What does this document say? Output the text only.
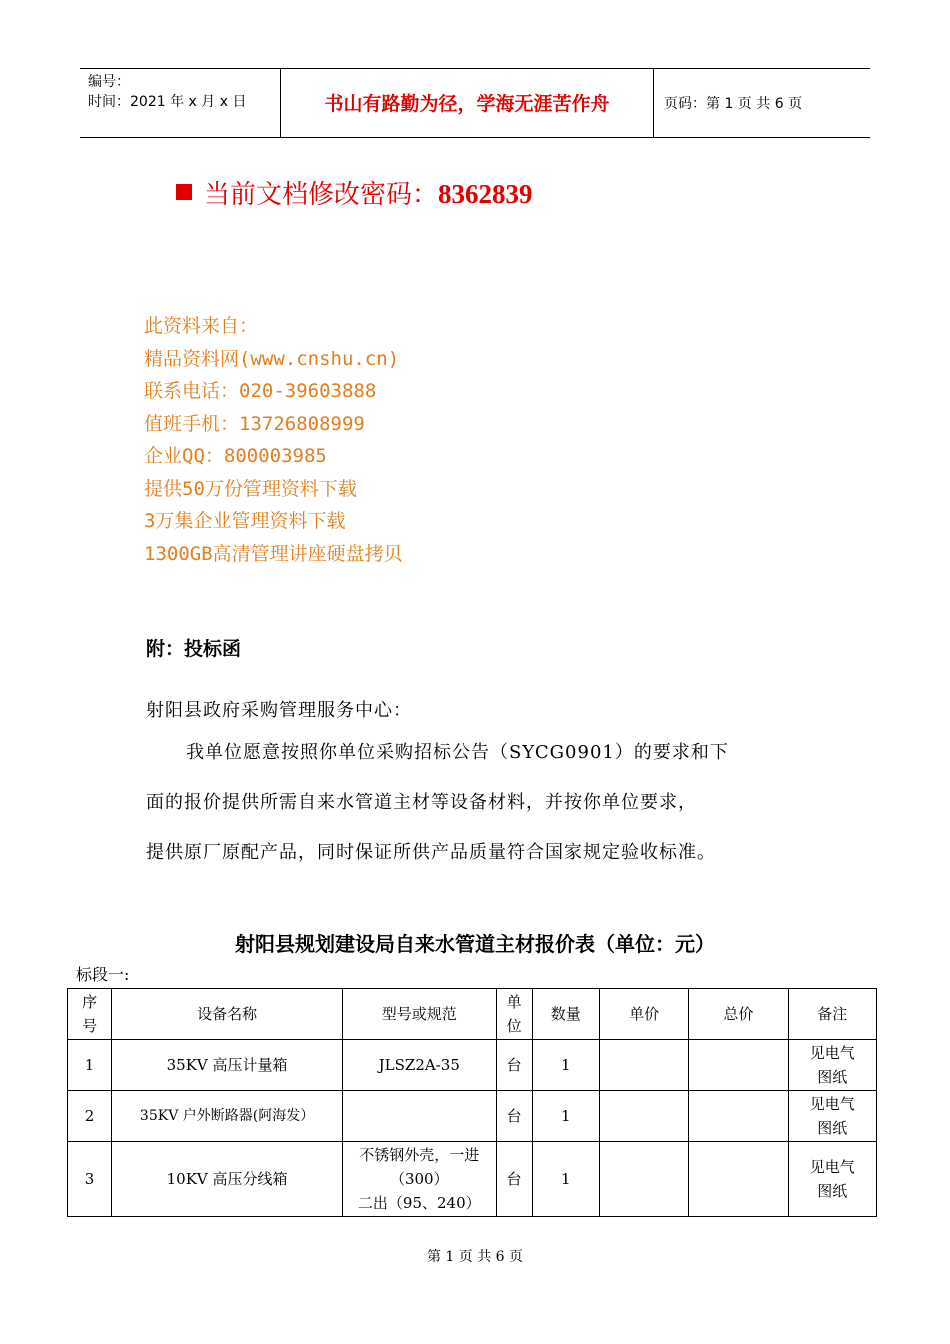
编号：
时间：2021 年 x 月 x 日	书山有路勤为径，学海无涯苦作舟	页码：第 1 页 共 6 页
当前文档修改密码：8362839
此资料来自：
精品资料网(www.cnshu.cn)
联系电话：020-39603888
值班手机：13726808999
企业QQ：800003985
提供50万份管理资料下载
3万集企业管理资料下载
1300GB高清管理讲座硬盘拷贝
附：投标函
射阳县政府采购管理服务中心：
我单位愿意按照你单位采购招标公告（SYCG0901）的要求和下
面的报价提供所需自来水管道主材等设备材料，并按你单位要求，
提供原厂原配产品，同时保证所供产品质量符合国家规定验收标准。
射阳县规划建设局自来水管道主材报价表（单位：元）
标段一:
序号	设备名称	型号或规范	单位	数量	单价	总价	备注
1	35KV 高压计量箱	JLSZ2A-35	台	1			见电气图纸
2	35KV 户外断路器(阿海发）		台	1			见电气图纸
3	10KV 高压分线箱	不锈钢外壳，一进
（300）
二出（95、240）	台	1			见电气图纸
第 1 页 共 6 页
